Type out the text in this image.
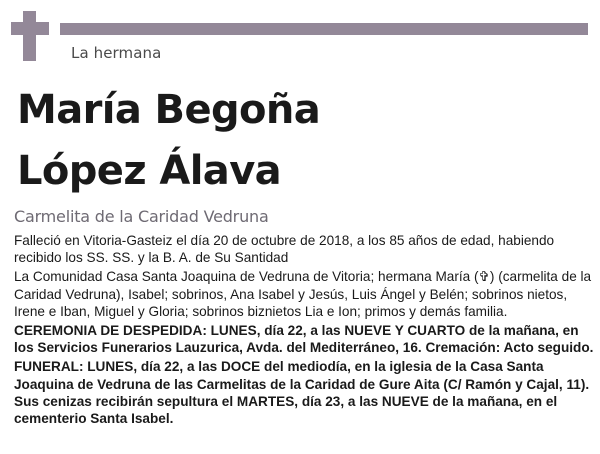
La hermana
María Begoña
López Álava
Carmelita de la Caridad Vedruna

Falleció en Vitoria-Gasteiz el día 20 de octubre de 2018, a los 85 años de edad, habiendo recibido los SS. SS. y la B. A. de Su Santidad

La Comunidad Casa Santa Joaquina de Vedruna de Vitoria; hermana María (✞) (carmelita de la Caridad Vedruna), Isabel; sobrinos, Ana Isabel y Jesús, Luis Ángel y Belén; sobrinos nietos, Irene e Iban, Miguel y Gloria; sobrinos biznietos Lia e Ion; primos y demás familia.

CEREMONIA DE DESPEDIDA: LUNES, día 22, a las NUEVE Y CUARTO de la mañana, en los Servicios Funerarios Lauzurica, Avda. del Mediterráneo, 16. Cremación: Acto seguido.

FUNERAL: LUNES, día 22, a las DOCE del mediodía, en la iglesia de la Casa Santa Joaquina de Vedruna de las Carmelitas de la Caridad de Gure Aita (C/ Ramón y Cajal, 11). Sus cenizas recibirán sepultura el MARTES, día 23, a las NUEVE de la mañana, en el cementerio Santa Isabel.
